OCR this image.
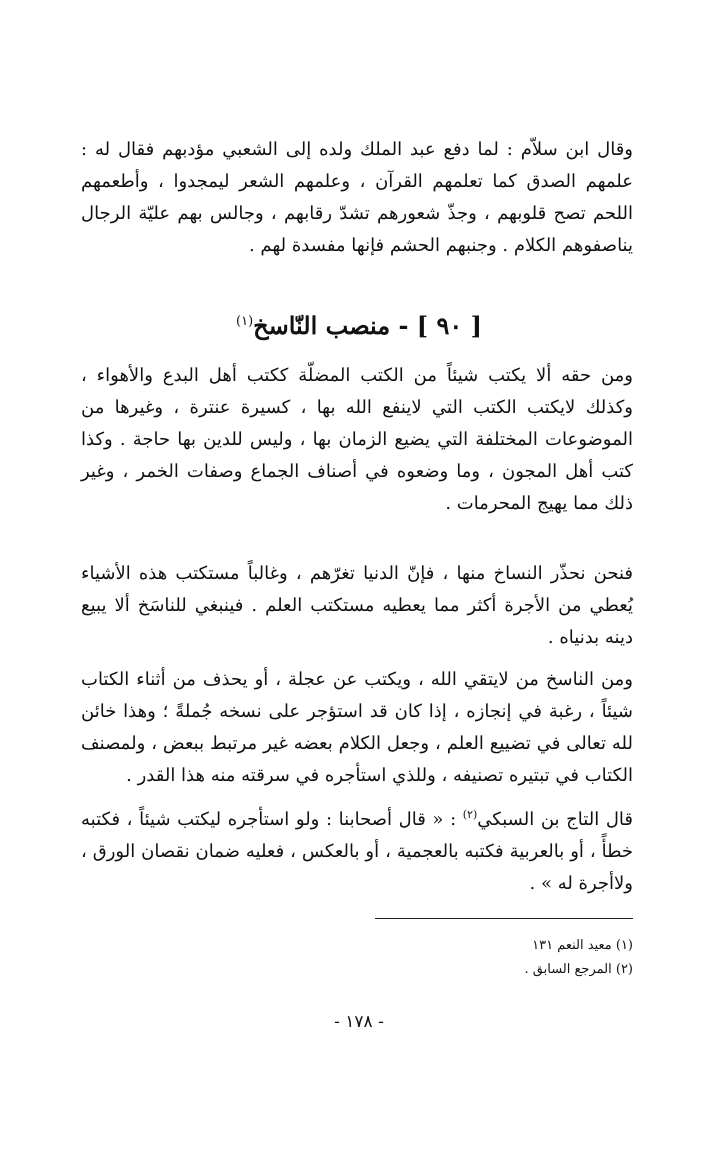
وقال ابن سلاّم : لما دفع عبد الملك ولده إلى الشعبي مؤدبهم فقال له : علمهم الصدق كما تعلمهم القرآن ، وعلمهم الشعر ليمجدوا ، وأطعمهم اللحم تصح قلوبهم ، وجذّ شعورهم تشدّ رقابهم ، وجالس بهم عليّة الرجال يناصفوهم الكلام . وجنبهم الحشم فإنها مفسدة لهم .

[ ٩٠ ] - منصب النّاسخ$^{(١)}$

ومن حقه ألا يكتب شيئاً من الكتب المضلّة ككتب أهل البدع والأهواء ، وكذلك لايكتب الكتب التي لاينفع الله بها ، كسيرة عنترة ، وغيرها من الموضوعات المختلفة التي يضيع الزمان بها ، وليس للدين بها حاجة . وكذا كتب أهل المجون ، وما وضعوه في أصناف الجماع وصفات الخمر ، وغير ذلك مما يهيج المحرمات .

فنحن نحذّر النساخ منها ، فإنّ الدنيا تغرّهم ، وغالباً مستكتب هذه الأشياء يُعطي من الأجرة أكثر مما يعطيه مستكتب العلم . فينبغي للناسَخ ألا يبيع دينه بدنياه .

ومن الناسخ من لايتقي الله ، ويكتب عن عجلة ، أو يحذف من أثناء الكتاب شيئاً ، رغبة في إنجازه ، إذا كان قد استؤجر على نسخه جُملةً ؛ وهذا خائن لله تعالى في تضييع العلم ، وجعل الكلام بعضه غير مرتبط ببعض ، ولمصنف الكتاب في تبتيره تصنيفه ، وللذي استأجره في سرقته منه هذا القدر .

قال التاج بن السبكي$^{(٢)}$ : « قال أصحابنا : ولو استأجره ليكتب شيئاً ، فكتبه خطأً ، أو بالعربية فكتبه بالعجمية ، أو بالعكس ، فعليه ضمان نقصان الورق ، ولاأجرة له » .

(١) معيد النعم ١٣١
(٢) المرجع السابق .
- ١٧٨ -
